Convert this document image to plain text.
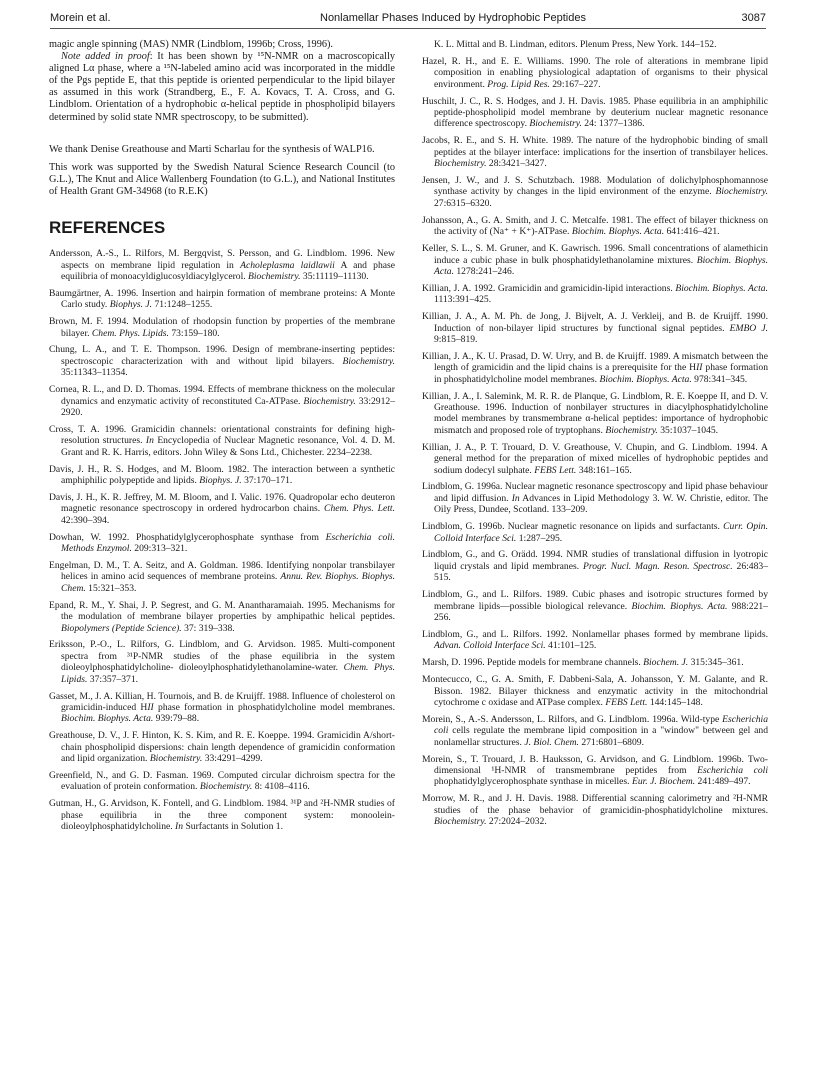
Morein et al.	Nonlamellar Phases Induced by Hydrophobic Peptides	3087

magic angle spinning (MAS) NMR (Lindblom, 1996b; Cross, 1996).

Note added in proof: It has been shown by ¹⁵N-NMR on a macroscopically aligned Lα phase, where a ¹⁵N-labeled amino acid was incorporated in the middle of the Pgs peptide E, that this peptide is oriented perpendicular to the lipid bilayer as assumed in this work (Strandberg, E., F. A. Kovacs, T. A. Cross, and G. Lindblom. Orientation of a hydrophobic α-helical peptide in phospholipid bilayers determined by solid state NMR spectroscopy, to be submitted).

We thank Denise Greathouse and Marti Scharlau for the synthesis of WALP16.

This work was supported by the Swedish Natural Science Research Council (to G.L.), The Knut and Alice Wallenberg Foundation (to G.L.), and National Institutes of Health Grant GM-34968 (to R.E.K)

REFERENCES

Andersson, A.-S., L. Rilfors, M. Bergqvist, S. Persson, and G. Lindblom. 1996. New aspects on membrane lipid regulation in Acholeplasma laidlawii A and phase equilibria of monoacyldiglucosyldiacylglycerol. Biochemistry. 35:11119–11130.

Baumgärtner, A. 1996. Insertion and hairpin formation of membrane proteins: A Monte Carlo study. Biophys. J. 71:1248–1255.

Brown, M. F. 1994. Modulation of rhodopsin function by properties of the membrane bilayer. Chem. Phys. Lipids. 73:159–180.

Chung, L. A., and T. E. Thompson. 1996. Design of membrane-inserting peptides: spectroscopic characterization with and without lipid bilayers. Biochemistry. 35:11343–11354.

Cornea, R. L., and D. D. Thomas. 1994. Effects of membrane thickness on the molecular dynamics and enzymatic activity of reconstituted Ca-ATPase. Biochemistry. 33:2912–2920.

Cross, T. A. 1996. Gramicidin channels: orientational constraints for defining high-resolution structures. In Encyclopedia of Nuclear Magnetic resonance, Vol. 4. D. M. Grant and R. K. Harris, editors. John Wiley & Sons Ltd., Chichester. 2234–2238.

Davis, J. H., R. S. Hodges, and M. Bloom. 1982. The interaction between a synthetic amphiphilic polypeptide and lipids. Biophys. J. 37:170–171.

Davis, J. H., K. R. Jeffrey, M. M. Bloom, and I. Valic. 1976. Quadropolar echo deuteron magnetic resonance spectroscopy in ordered hydrocarbon chains. Chem. Phys. Lett. 42:390–394.

Dowhan, W. 1992. Phosphatidylglycerophosphate synthase from Escherichia coli. Methods Enzymol. 209:313–321.

Engelman, D. M., T. A. Seitz, and A. Goldman. 1986. Identifying nonpolar transbilayer helices in amino acid sequences of membrane proteins. Annu. Rev. Biophys. Biophys. Chem. 15:321–353.

Epand, R. M., Y. Shai, J. P. Segrest, and G. M. Anantharamaiah. 1995. Mechanisms for the modulation of membrane bilayer properties by amphipathic helical peptides. Biopolymers (Peptide Science). 37: 319–338.

Eriksson, P.-O., L. Rilfors, G. Lindblom, and G. Arvidson. 1985. Multi-component spectra from ³¹P-NMR studies of the phase equilibria in the system dioleoylphosphatidylcholine- dioleoylphosphatidylethanolamine-water. Chem. Phys. Lipids. 37:357–371.

Gasset, M., J. A. Killian, H. Tournois, and B. de Kruijff. 1988. Influence of cholesterol on gramicidin-induced HII phase formation in phosphatidylcholine model membranes. Biochim. Biophys. Acta. 939:79–88.

Greathouse, D. V., J. F. Hinton, K. S. Kim, and R. E. Koeppe. 1994. Gramicidin A/short-chain phospholipid dispersions: chain length dependence of gramicidin conformation and lipid organization. Biochemistry. 33:4291–4299.

Greenfield, N., and G. D. Fasman. 1969. Computed circular dichroism spectra for the evaluation of protein conformation. Biochemistry. 8: 4108–4116.

Gutman, H., G. Arvidson, K. Fontell, and G. Lindblom. 1984. ³¹P and ²H-NMR studies of phase equilibria in the three component system: monoolein-dioleoylphosphatidylcholine. In Surfactants in Solution 1.

K. L. Mittal and B. Lindman, editors. Plenum Press, New York. 144–152.

Hazel, R. H., and E. E. Williams. 1990. The role of alterations in membrane lipid composition in enabling physiological adaptation of organisms to their physical environment. Prog. Lipid Res. 29:167–227.

Huschilt, J. C., R. S. Hodges, and J. H. Davis. 1985. Phase equilibria in an amphiphilic peptide-phospholipid model membrane by deuterium nuclear magnetic resonance difference spectroscopy. Biochemistry. 24: 1377–1386.

Jacobs, R. E., and S. H. White. 1989. The nature of the hydrophobic binding of small peptides at the bilayer interface: implications for the insertion of transbilayer helices. Biochemistry. 28:3421–3427.

Jensen, J. W., and J. S. Schutzbach. 1988. Modulation of dolichylphosphomannose synthase activity by changes in the lipid environment of the enzyme. Biochemistry. 27:6315–6320.

Johansson, A., G. A. Smith, and J. C. Metcalfe. 1981. The effect of bilayer thickness on the activity of (Na⁺ + K⁺)-ATPase. Biochim. Biophys. Acta. 641:416–421.

Keller, S. L., S. M. Gruner, and K. Gawrisch. 1996. Small concentrations of alamethicin induce a cubic phase in bulk phosphatidylethanolamine mixtures. Biochim. Biophys. Acta. 1278:241–246.

Killian, J. A. 1992. Gramicidin and gramicidin-lipid interactions. Biochim. Biophys. Acta. 1113:391–425.

Killian, J. A., A. M. Ph. de Jong, J. Bijvelt, A. J. Verkleij, and B. de Kruijff. 1990. Induction of non-bilayer lipid structures by functional signal peptides. EMBO J. 9:815–819.

Killian, J. A., K. U. Prasad, D. W. Urry, and B. de Kruijff. 1989. A mismatch between the length of gramicidin and the lipid chains is a prerequisite for the HII phase formation in phosphatidylcholine model membranes. Biochim. Biophys. Acta. 978:341–345.

Killian, J. A., I. Salemink, M. R. R. de Planque, G. Lindblom, R. E. Koeppe II, and D. V. Greathouse. 1996. Induction of nonbilayer structures in diacylphosphatidylcholine model membranes by transmembrane α-helical peptides: importance of hydrophobic mismatch and proposed role of tryptophans. Biochemistry. 35:1037–1045.

Killian, J. A., P. T. Trouard, D. V. Greathouse, V. Chupin, and G. Lindblom. 1994. A general method for the preparation of mixed micelles of hydrophobic peptides and sodium dodecyl sulphate. FEBS Lett. 348:161–165.

Lindblom, G. 1996a. Nuclear magnetic resonance spectroscopy and lipid phase behaviour and lipid diffusion. In Advances in Lipid Methodology 3. W. W. Christie, editor. The Oily Press, Dundee, Scotland. 133–209.

Lindblom, G. 1996b. Nuclear magnetic resonance on lipids and surfactants. Curr. Opin. Colloid Interface Sci. 1:287–295.

Lindblom, G., and G. Orädd. 1994. NMR studies of translational diffusion in lyotropic liquid crystals and lipid membranes. Progr. Nucl. Magn. Reson. Spectrosc. 26:483–515.

Lindblom, G., and L. Rilfors. 1989. Cubic phases and isotropic structures formed by membrane lipids—possible biological relevance. Biochim. Biophys. Acta. 988:221–256.

Lindblom, G., and L. Rilfors. 1992. Nonlamellar phases formed by membrane lipids. Advan. Colloid Interface Sci. 41:101–125.

Marsh, D. 1996. Peptide models for membrane channels. Biochem. J. 315:345–361.

Montecucco, C., G. A. Smith, F. Dabbeni-Sala, A. Johansson, Y. M. Galante, and R. Bisson. 1982. Bilayer thickness and enzymatic activity in the mitochondrial cytochrome c oxidase and ATPase complex. FEBS Lett. 144:145–148.

Morein, S., A.-S. Andersson, L. Rilfors, and G. Lindblom. 1996a. Wild-type Escherichia coli cells regulate the membrane lipid composition in a "window" between gel and nonlamellar structures. J. Biol. Chem. 271:6801–6809.

Morein, S., T. Trouard, J. B. Hauksson, G. Arvidson, and G. Lindblom. 1996b. Two-dimensional ¹H-NMR of transmembrane peptides from Escherichia coli phophatidylglycerophosphate synthase in micelles. Eur. J. Biochem. 241:489–497.

Morrow, M. R., and J. H. Davis. 1988. Differential scanning calorimetry and ²H-NMR studies of the phase behavior of gramicidin-phosphatidylcholine mixtures. Biochemistry. 27:2024–2032.
